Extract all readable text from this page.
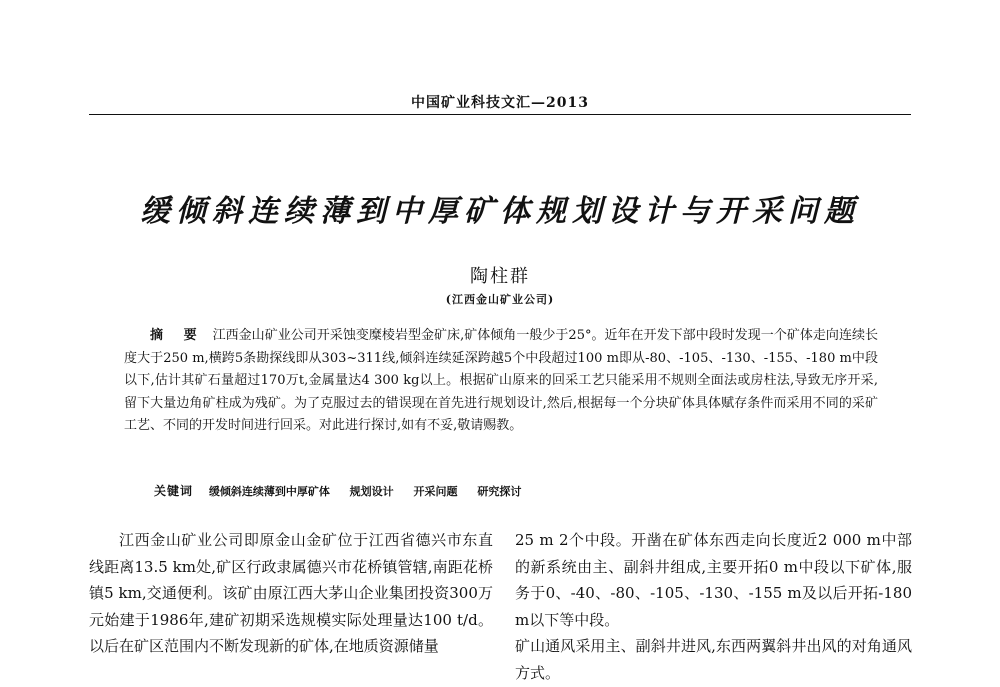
中国矿业科技文汇—2013
缓倾斜连续薄到中厚矿体规划设计与开采问题
陶柱群
(江西金山矿业公司)
摘 要 江西金山矿业公司开采蚀变糜棱岩型金矿床,矿体倾角一般少于25°。近年在开发下部中段时发现一个矿体走向连续长度大于250 m,横跨5条勘探线即从303~311线,倾斜连续延深跨越5个中段超过100 m即从-80、-105、-130、-155、-180 m中段以下,估计其矿石量超过170万t,金属量达4 300 kg以上。根据矿山原来的回采工艺只能采用不规则全面法或房柱法,导致无序开采,留下大量边角矿柱成为残矿。为了克服过去的错误现在首先进行规划设计,然后,根据每一个分块矿体具体赋存条件而采用不同的采矿工艺、不同的开发时间进行回采。对此进行探讨,如有不妥,敬请赐教。
关键词 缓倾斜连续薄到中厚矿体 规划设计 开采问题 研究探讨

江西金山矿业公司即原金山金矿位于江西省德兴市东直线距离13.5 km处,矿区行政隶属德兴市花桥镇管辖,南距花桥镇5 km,交通便利。该矿由原江西大茅山企业集团投资300万元始建于1986年,建矿初期采选规模实际处理量达100 t/d。以后在矿区范围内不断发现新的矿体,在地质资源储量

25 m 2个中段。开凿在矿体东西走向长度近2 000 m中部的新系统由主、副斜井组成,主要开拓0 m中段以下矿体,服务于0、-40、-80、-105、-130、-155 m及以后开拓-180 m以下等中段。

矿山通风采用主、副斜井进风,东西两翼斜井出风的对角通风方式。
